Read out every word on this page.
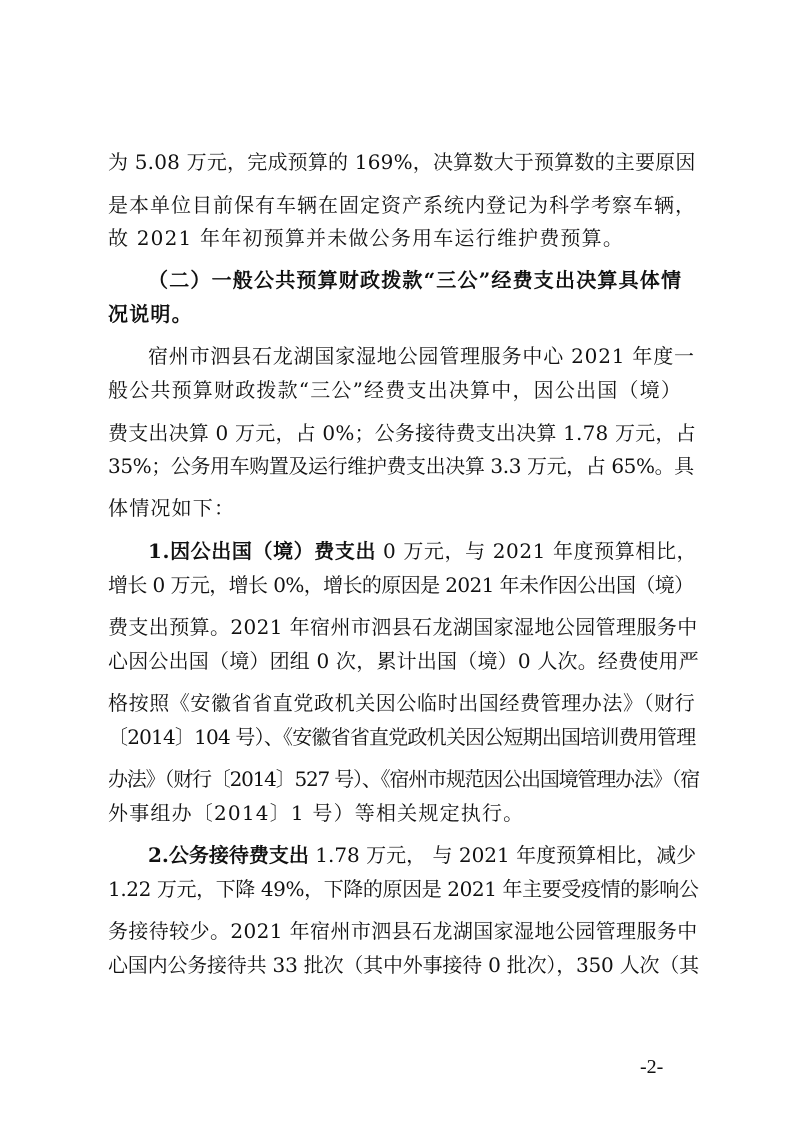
为 5.08 万元，完成预算的 169%，决算数大于预算数的主要原因
是本单位目前保有车辆在固定资产系统内登记为科学考察车辆，
故 2021 年年初预算并未做公务用车运行维护费预算。
（二）一般公共预算财政拨款“三公”经费支出决算具体情
况说明。
宿州市泗县石龙湖国家湿地公园管理服务中心 2021 年度一
般公共预算财政拨款“三公”经费支出决算中，因公出国（境）
费支出决算 0 万元，占 0%；公务接待费支出决算 1.78 万元，占
35%；公务用车购置及运行维护费支出决算 3.3 万元，占 65%。具
体情况如下：
1.因公出国（境）费支出 0 万元，与 2021 年度预算相比，
增长 0 万元，增长 0%，增长的原因是 2021 年未作因公出国（境）
费支出预算。2021 年宿州市泗县石龙湖国家湿地公园管理服务中
心因公出国（境）团组 0 次，累计出国（境）0 人次。经费使用严
格按照《安徽省省直党政机关因公临时出国经费管理办法》（财行
〔2014〕104 号）、《安徽省省直党政机关因公短期出国培训费用管理
办法》（财行〔2014〕527 号）、《宿州市规范因公出国境管理办法》（宿
外事组办〔2014〕1 号）等相关规定执行。
2.公务接待费支出 1.78 万元， 与 2021 年度预算相比，减少
1.22 万元，下降 49%，下降的原因是 2021 年主要受疫情的影响公
务接待较少。2021 年宿州市泗县石龙湖国家湿地公园管理服务中
心国内公务接待共 33 批次（其中外事接待 0 批次），350 人次（其
-2-
